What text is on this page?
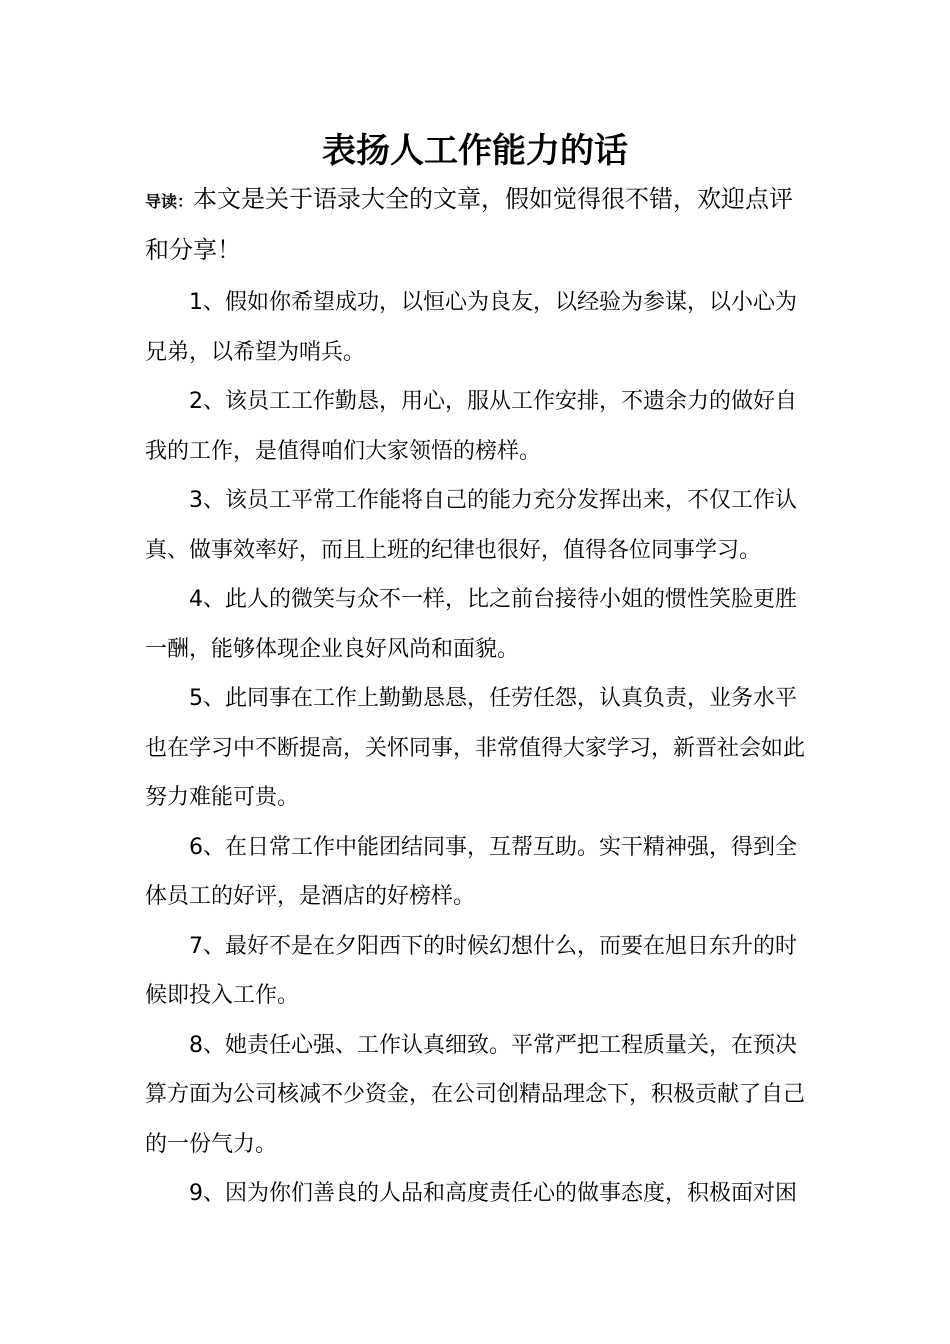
表扬人工作能力的话

导读：本文是关于语录大全的文章，假如觉得很不错，欢迎点评和分享！

1、假如你希望成功，以恒心为良友，以经验为参谋，以小心为兄弟，以希望为哨兵。

2、该员工工作勤恳，用心，服从工作安排，不遗余力的做好自我的工作，是值得咱们大家领悟的榜样。

3、该员工平常工作能将自己的能力充分发挥出来，不仅工作认真、做事效率好，而且上班的纪律也很好，值得各位同事学习。

4、此人的微笑与众不一样，比之前台接待小姐的惯性笑脸更胜一酬，能够体现企业良好风尚和面貌。

5、此同事在工作上勤勤恳恳，任劳任怨，认真负责，业务水平也在学习中不断提高，关怀同事，非常值得大家学习，新晋社会如此努力难能可贵。

6、在日常工作中能团结同事，互帮互助。实干精神强，得到全体员工的好评，是酒店的好榜样。

7、最好不是在夕阳西下的时候幻想什么，而要在旭日东升的时候即投入工作。

8、她责任心强、工作认真细致。平常严把工程质量关，在预决算方面为公司核减不少资金，在公司创精品理念下，积极贡献了自己的一份气力。

9、因为你们善良的人品和高度责任心的做事态度，积极面对困
